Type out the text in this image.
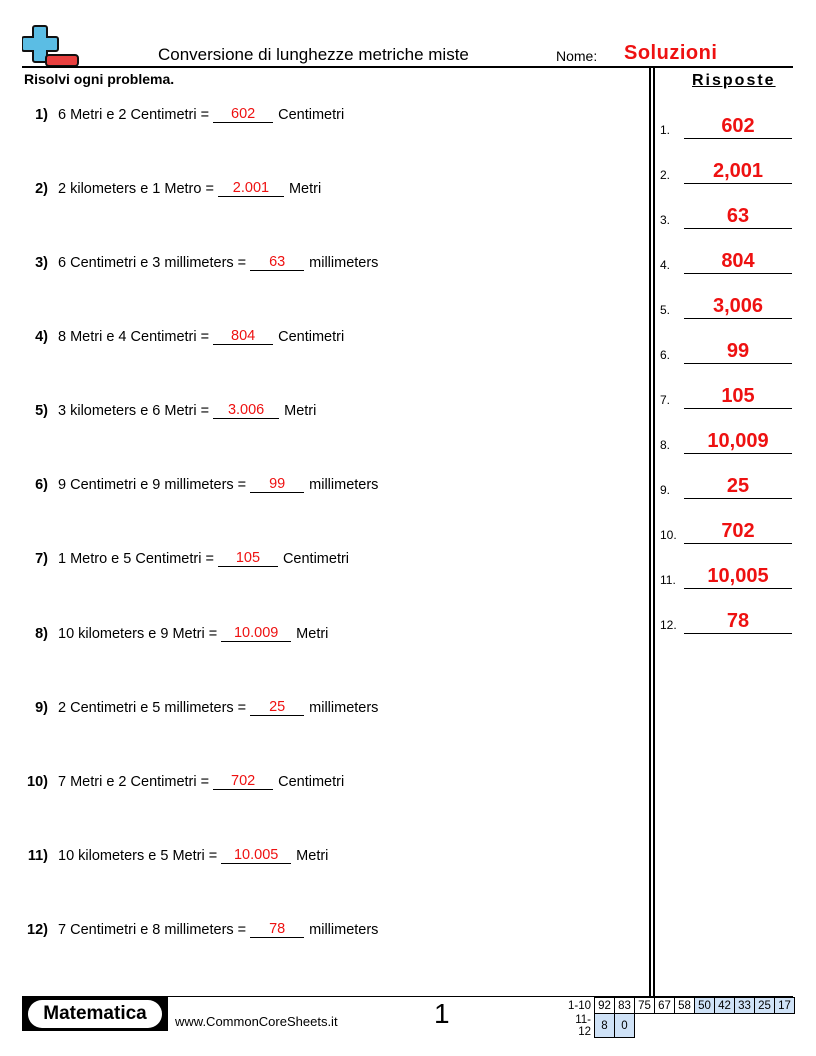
Conversione di lunghezze metriche miste	Nome: Soluzioni
Risolvi ogni problema.	Risposte
1) 6 Metri e 2 Centimetri =	602	Centimetri
2) 2 kilometers e 1 Metro =	2.001	Metri
3) 6 Centimetri e 3 millimeters =	63	millimeters
4) 8 Metri e 4 Centimetri =	804	Centimetri
5) 3 kilometers e 6 Metri =	3.006	Metri
6) 9 Centimetri e 9 millimeters =	99	millimeters
7) 1 Metro e 5 Centimetri =	105	Centimetri
8) 10 kilometers e 9 Metri =	10.009	Metri
9) 2 Centimetri e 5 millimeters =	25	millimeters
10) 7 Metri e 2 Centimetri =	702	Centimetri
11) 10 kilometers e 5 Metri =	10.005	Metri
12) 7 Centimetri e 8 millimeters =	78	millimeters
1.	602
2.	2,001
3.	63
4.	804
5.	3,006
6.	99
7.	105
8.	10,009
9.	25
10.	702
11.	10,005
12.	78
Matematica	www.CommonCoreSheets.it	1	1-10	92	83	75	67	58	50	42	33	25	17
11-12	8	0								
